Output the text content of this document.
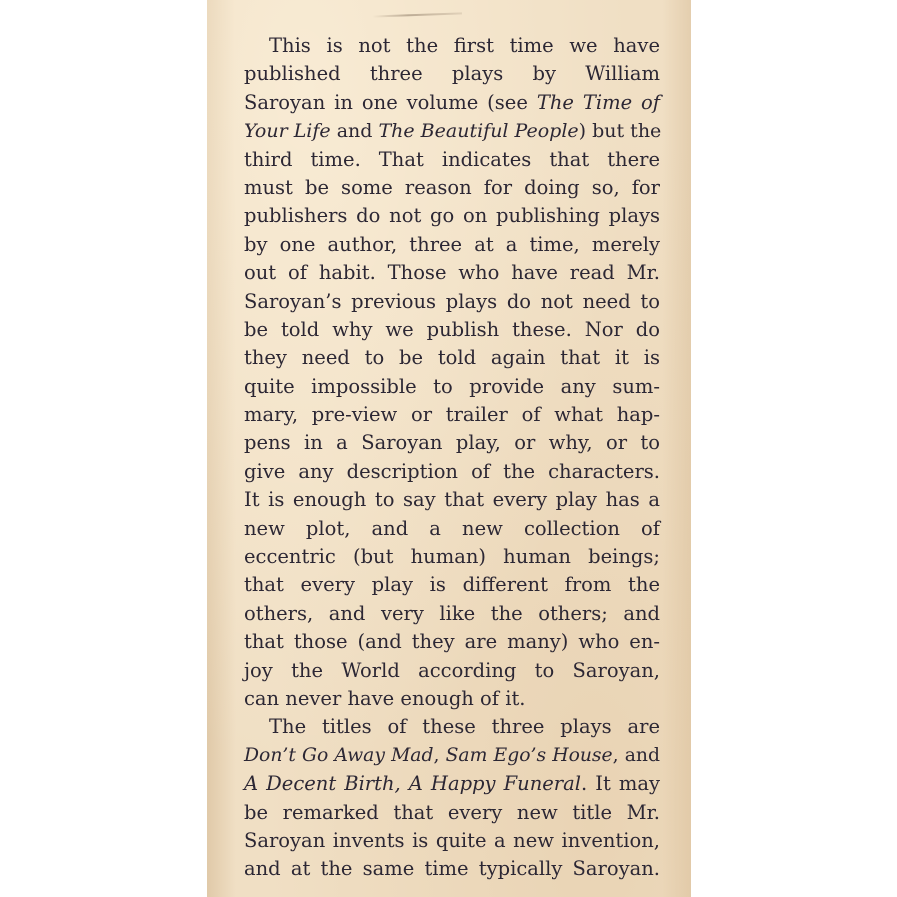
This is not the first time we have
published three plays by William
Saroyan in one volume (see The Time of
Your Life and The Beautiful People) but the
third time. That indicates that there
must be some reason for doing so, for
publishers do not go on publishing plays
by one author, three at a time, merely
out of habit. Those who have read Mr.
Saroyan’s previous plays do not need to
be told why we publish these. Nor do
they need to be told again that it is
quite impossible to provide any sum-
mary, pre-view or trailer of what hap-
pens in a Saroyan play, or why, or to
give any description of the characters.
It is enough to say that every play has a
new plot, and a new collection of
eccentric (but human) human beings;
that every play is different from the
others, and very like the others; and
that those (and they are many) who en-
joy the World according to Saroyan,
can never have enough of it.
The titles of these three plays are
Don’t Go Away Mad, Sam Ego’s House, and
A Decent Birth, A Happy Funeral. It may
be remarked that every new title Mr.
Saroyan invents is quite a new invention,
and at the same time typically Saroyan.
